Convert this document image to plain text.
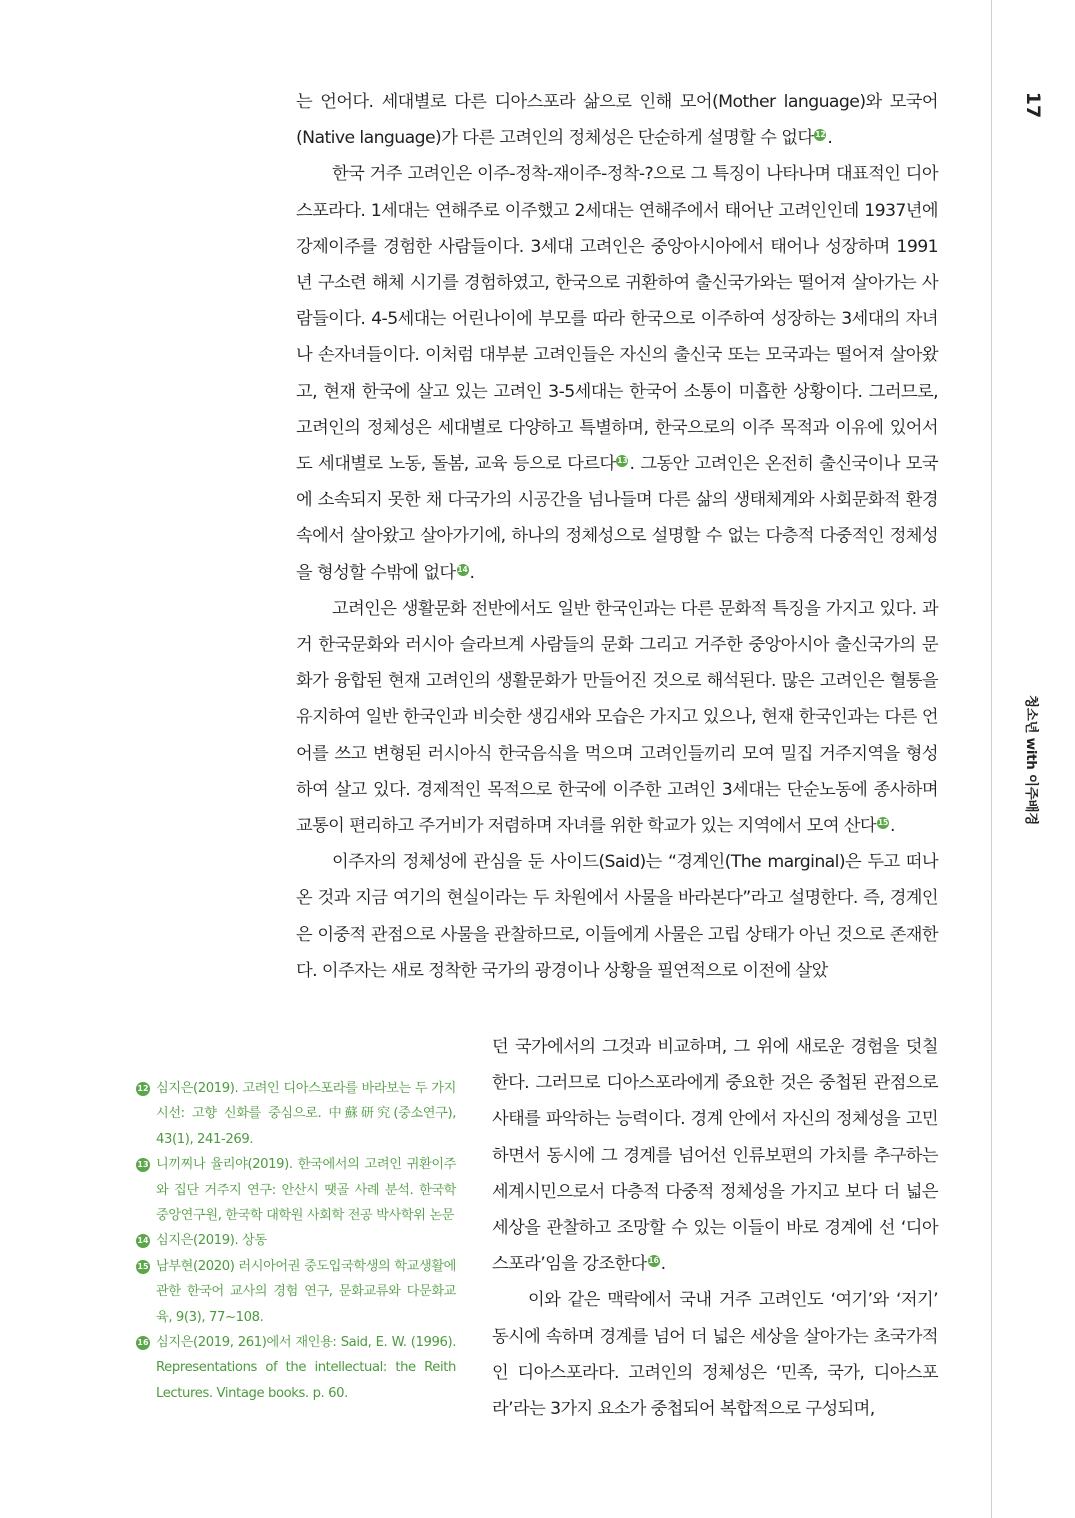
17
청소년 with 이주배경

는 언어다. 세대별로 다른 디아스포라 삶으로 인해 모어(Mother language)와 모국어(Native language)가 다른 고려인의 정체성은 단순하게 설명할 수 없다 12 .

한국 거주 고려인은 이주-정착-재이주-정착-?으로 그 특징이 나타나며 대표적인 디아스포라다. 1세대는 연해주로 이주했고 2세대는 연해주에서 태어난 고려인인데 1937년에 강제이주를 경험한 사람들이다. 3세대 고려인은 중앙아시아에서 태어나 성장하며 1991년 구소련 해체 시기를 경험하였고, 한국으로 귀환하여 출신국가와는 떨어져 살아가는 사람들이다. 4-5세대는 어린나이에 부모를 따라 한국으로 이주하여 성장하는 3세대의 자녀나 손자녀들이다. 이처럼 대부분 고려인들은 자신의 출신국 또는 모국과는 떨어져 살아왔고, 현재 한국에 살고 있는 고려인 3-5세대는 한국어 소통이 미흡한 상황이다. 그러므로, 고려인의 정체성은 세대별로 다양하고 특별하며, 한국으로의 이주 목적과 이유에 있어서도 세대별로 노동, 돌봄, 교육 등으로 다르다 13 . 그동안 고려인은 온전히 출신국이나 모국에 소속되지 못한 채 다국가의 시공간을 넘나들며 다른 삶의 생태체계와 사회문화적 환경 속에서 살아왔고 살아가기에, 하나의 정체성으로 설명할 수 없는 다층적 다중적인 정체성을 형성할 수밖에 없다 14 .

고려인은 생활문화 전반에서도 일반 한국인과는 다른 문화적 특징을 가지고 있다. 과거 한국문화와 러시아 슬라브계 사람들의 문화 그리고 거주한 중앙아시아 출신국가의 문화가 융합된 현재 고려인의 생활문화가 만들어진 것으로 해석된다. 많은 고려인은 혈통을 유지하여 일반 한국인과 비슷한 생김새와 모습은 가지고 있으나, 현재 한국인과는 다른 언어를 쓰고 변형된 러시아식 한국음식을 먹으며 고려인들끼리 모여 밀집 거주지역을 형성하여 살고 있다. 경제적인 목적으로 한국에 이주한 고려인 3세대는 단순노동에 종사하며 교통이 편리하고 주거비가 저렴하며 자녀를 위한 학교가 있는 지역에서 모여 산다 15 .

이주자의 정체성에 관심을 둔 사이드(Said)는 “경계인(The marginal)은 두고 떠나온 것과 지금 여기의 현실이라는 두 차원에서 사물을 바라본다”라고 설명한다. 즉, 경계인은 이중적 관점으로 사물을 관찰하므로, 이들에게 사물은 고립 상태가 아닌 것으로 존재한다. 이주자는 새로 정착한 국가의 광경이나 상황을 필연적으로 이전에 살았

던 국가에서의 그것과 비교하며, 그 위에 새로운 경험을 덧칠한다. 그러므로 디아스포라에게 중요한 것은 중첩된 관점으로 사태를 파악하는 능력이다. 경계 안에서 자신의 정체성을 고민하면서 동시에 그 경계를 넘어선 인류보편의 가치를 추구하는 세계시민으로서 다층적 다중적 정체성을 가지고 보다 더 넓은 세상을 관찰하고 조망할 수 있는 이들이 바로 경계에 선 ‘디아스포라’임을 강조한다 16 .

이와 같은 맥락에서 국내 거주 고려인도 ‘여기’와 ‘저기’ 동시에 속하며 경계를 넘어 더 넓은 세상을 살아가는 초국가적인 디아스포라다. 고려인의 정체성은 ‘민족, 국가, 디아스포라’라는 3가지 요소가 중첩되어 복합적으로 구성되며,

12 심지은(2019). 고려인 디아스포라를 바라보는 두 가지 시선: 고향 신화를 중심으로. 中蘇研究(중소연구), 43(1), 241-269.
13 니끼찌나 율리야(2019). 한국에서의 고려인 귀환이주와 집단 거주지 연구: 안산시 땟골 사례 분석. 한국학 중앙연구원, 한국학 대학원 사회학 전공 박사학위 논문
14 심지은(2019). 상동
15 남부현(2020) 러시아어권 중도입국학생의 학교생활에 관한 한국어 교사의 경험 연구, 문화교류와 다문화교육, 9(3), 77~108.
16 심지은(2019, 261)에서 재인용: Said, E. W. (1996). Representations of the intellectual: the Reith Lectures. Vintage books. p. 60.
